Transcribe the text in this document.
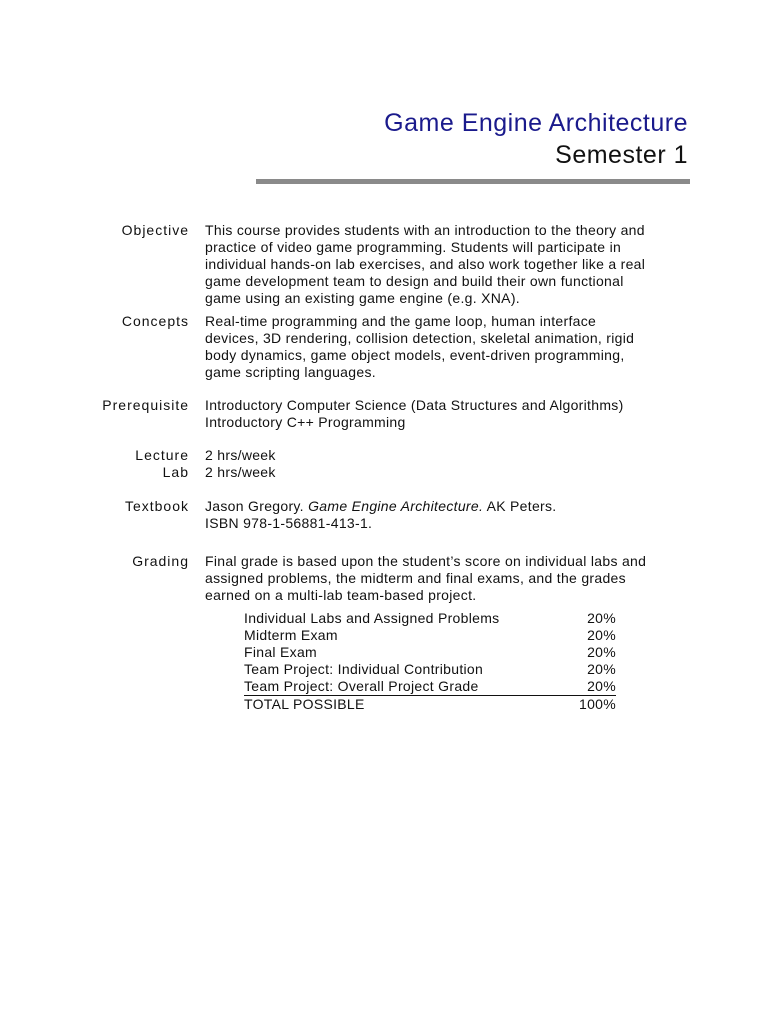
Game Engine Architecture
Semester 1
Objective This course provides students with an introduction to the theory and
practice of video game programming. Students will participate in
individual hands-on lab exercises, and also work together like a real
game development team to design and build their own functional
game using an existing game engine (e.g. XNA).
Concepts Real-time programming and the game loop, human interface
devices, 3D rendering, collision detection, skeletal animation, rigid
body dynamics, game object models, event-driven programming,
game scripting languages.
Prerequisite Introductory Computer Science (Data Structures and Algorithms)
Introductory C++ Programming
Lecture 2 hrs/week
Lab 2 hrs/week
Textbook Jason Gregory. Game Engine Architecture. AK Peters.
ISBN 978-1-56881-413-1.
Grading Final grade is based upon the student’s score on individual labs and
assigned problems, the midterm and final exams, and the grades
earned on a multi-lab team-based project.
Individual Labs and Assigned Problems	20%
Midterm Exam	20%
Final Exam	20%
Team Project: Individual Contribution	20%
Team Project: Overall Project Grade	20%
TOTAL POSSIBLE	100%
